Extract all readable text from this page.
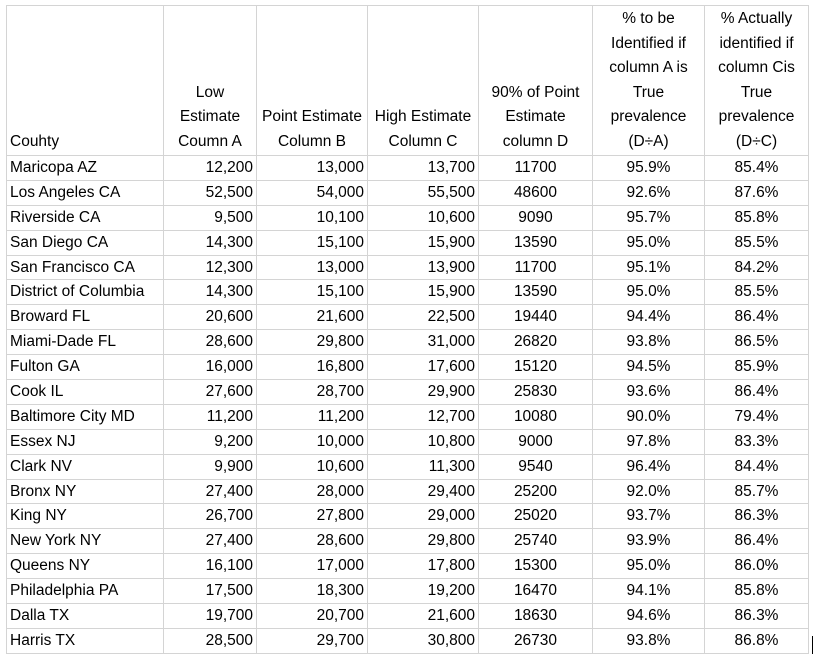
Couhty	Low Estimate Coumn A	Point Estimate Column B	High Estimate Column C	90% of Point Estimate column D	% to be Identified if column A is True prevalence (D÷A)	% Actually identified if column Cis True prevalence (D÷C)
Maricopa AZ	12,200	13,000	13,700	11700	95.9%	85.4%
Los Angeles CA	52,500	54,000	55,500	48600	92.6%	87.6%
Riverside CA	9,500	10,100	10,600	9090	95.7%	85.8%
San Diego CA	14,300	15,100	15,900	13590	95.0%	85.5%
San Francisco CA	12,300	13,000	13,900	11700	95.1%	84.2%
District of Columbia	14,300	15,100	15,900	13590	95.0%	85.5%
Broward FL	20,600	21,600	22,500	19440	94.4%	86.4%
Miami-Dade FL	28,600	29,800	31,000	26820	93.8%	86.5%
Fulton GA	16,000	16,800	17,600	15120	94.5%	85.9%
Cook IL	27,600	28,700	29,900	25830	93.6%	86.4%
Baltimore City MD	11,200	11,200	12,700	10080	90.0%	79.4%
Essex NJ	9,200	10,000	10,800	9000	97.8%	83.3%
Clark NV	9,900	10,600	11,300	9540	96.4%	84.4%
Bronx NY	27,400	28,000	29,400	25200	92.0%	85.7%
King NY	26,700	27,800	29,000	25020	93.7%	86.3%
New York NY	27,400	28,600	29,800	25740	93.9%	86.4%
Queens NY	16,100	17,000	17,800	15300	95.0%	86.0%
Philadelphia PA	17,500	18,300	19,200	16470	94.1%	85.8%
Dalla TX	19,700	20,700	21,600	18630	94.6%	86.3%
Harris TX	28,500	29,700	30,800	26730	93.8%	86.8%
